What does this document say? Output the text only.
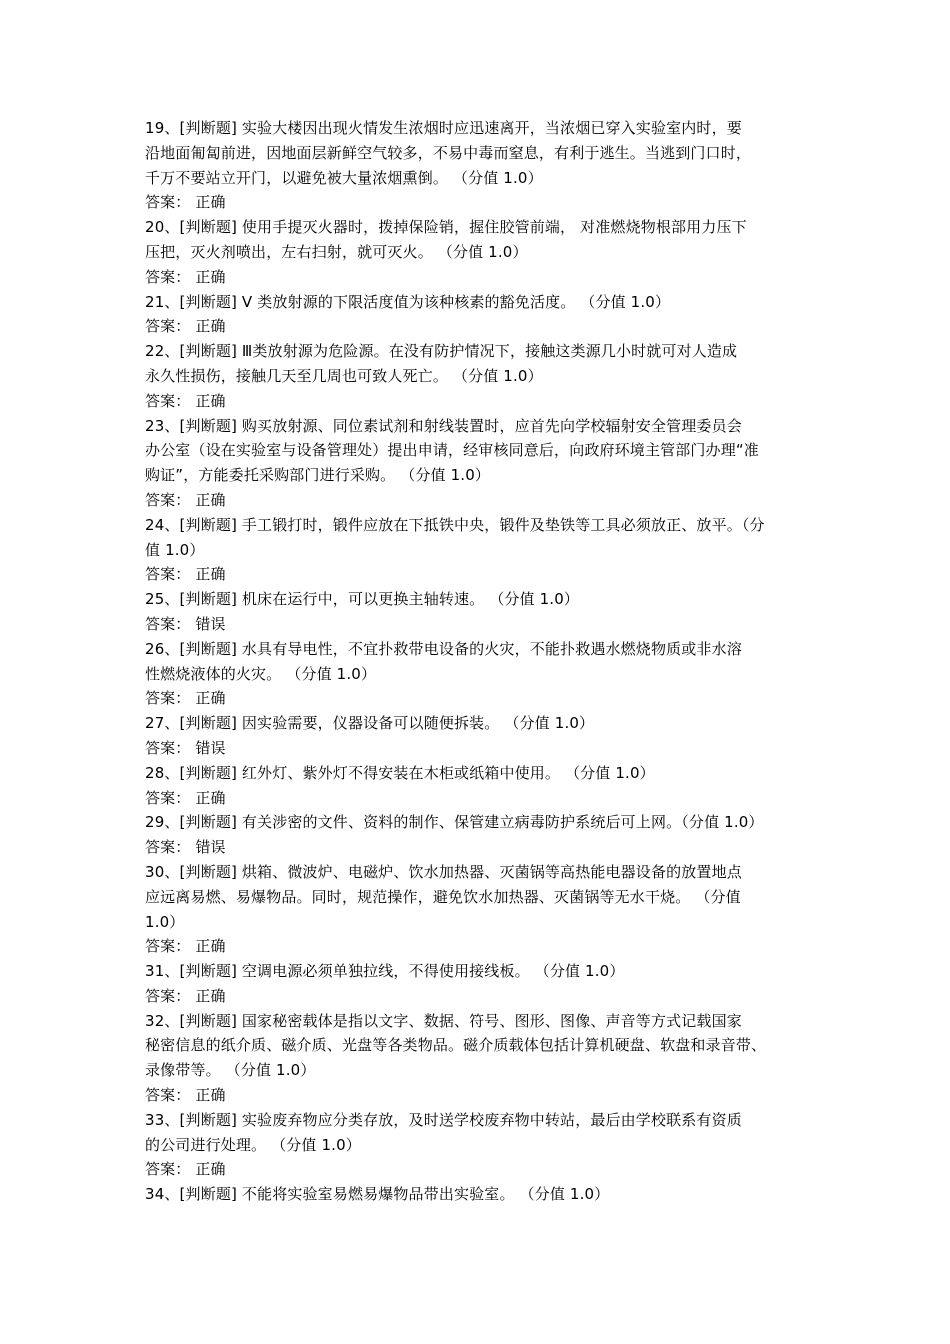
19、[判断题] 实验大楼因出现火情发生浓烟时应迅速离开，当浓烟已穿入实验室内时，要
沿地面匍匐前进，因地面层新鲜空气较多，不易中毒而窒息，有利于逃生。当逃到门口时，
千万不要站立开门，以避免被大量浓烟熏倒。 （分值 1.0）
答案： 正确
20、[判断题] 使用手提灭火器时，拨掉保险销，握住胶管前端， 对准燃烧物根部用力压下
压把，灭火剂喷出，左右扫射，就可灭火。 （分值 1.0）
答案： 正确
21、[判断题] V 类放射源的下限活度值为该种核素的豁免活度。 （分值 1.0）
答案： 正确
22、[判断题] Ⅲ类放射源为危险源。在没有防护情况下，接触这类源几小时就可对人造成
永久性损伤，接触几天至几周也可致人死亡。 （分值 1.0）
答案： 正确
23、[判断题] 购买放射源、同位素试剂和射线装置时，应首先向学校辐射安全管理委员会
办公室（设在实验室与设备管理处）提出申请，经审核同意后，向政府环境主管部门办理“准
购证”，方能委托采购部门进行采购。 （分值 1.0）
答案： 正确
24、[判断题] 手工锻打时，锻件应放在下抵铁中央，锻件及垫铁等工具必须放正、放平。（分
值 1.0）
答案： 正确
25、[判断题] 机床在运行中，可以更换主轴转速。 （分值 1.0）
答案： 错误
26、[判断题] 水具有导电性，不宜扑救带电设备的火灾，不能扑救遇水燃烧物质或非水溶
性燃烧液体的火灾。 （分值 1.0）
答案： 正确
27、[判断题] 因实验需要，仪器设备可以随便拆装。 （分值 1.0）
答案： 错误
28、[判断题] 红外灯、紫外灯不得安装在木柜或纸箱中使用。 （分值 1.0）
答案： 正确
29、[判断题] 有关涉密的文件、资料的制作、保管建立病毒防护系统后可上网。（分值 1.0）
答案： 错误
30、[判断题] 烘箱、微波炉、电磁炉、饮水加热器、灭菌锅等高热能电器设备的放置地点
应远离易燃、易爆物品。同时，规范操作，避免饮水加热器、灭菌锅等无水干烧。 （分值
1.0）
答案： 正确
31、[判断题] 空调电源必须单独拉线，不得使用接线板。 （分值 1.0）
答案： 正确
32、[判断题] 国家秘密载体是指以文字、数据、符号、图形、图像、声音等方式记载国家
秘密信息的纸介质、磁介质、光盘等各类物品。磁介质载体包括计算机硬盘、软盘和录音带、
录像带等。 （分值 1.0）
答案： 正确
33、[判断题] 实验废弃物应分类存放，及时送学校废弃物中转站，最后由学校联系有资质
的公司进行处理。 （分值 1.0）
答案： 正确
34、[判断题] 不能将实验室易燃易爆物品带出实验室。 （分值 1.0）
